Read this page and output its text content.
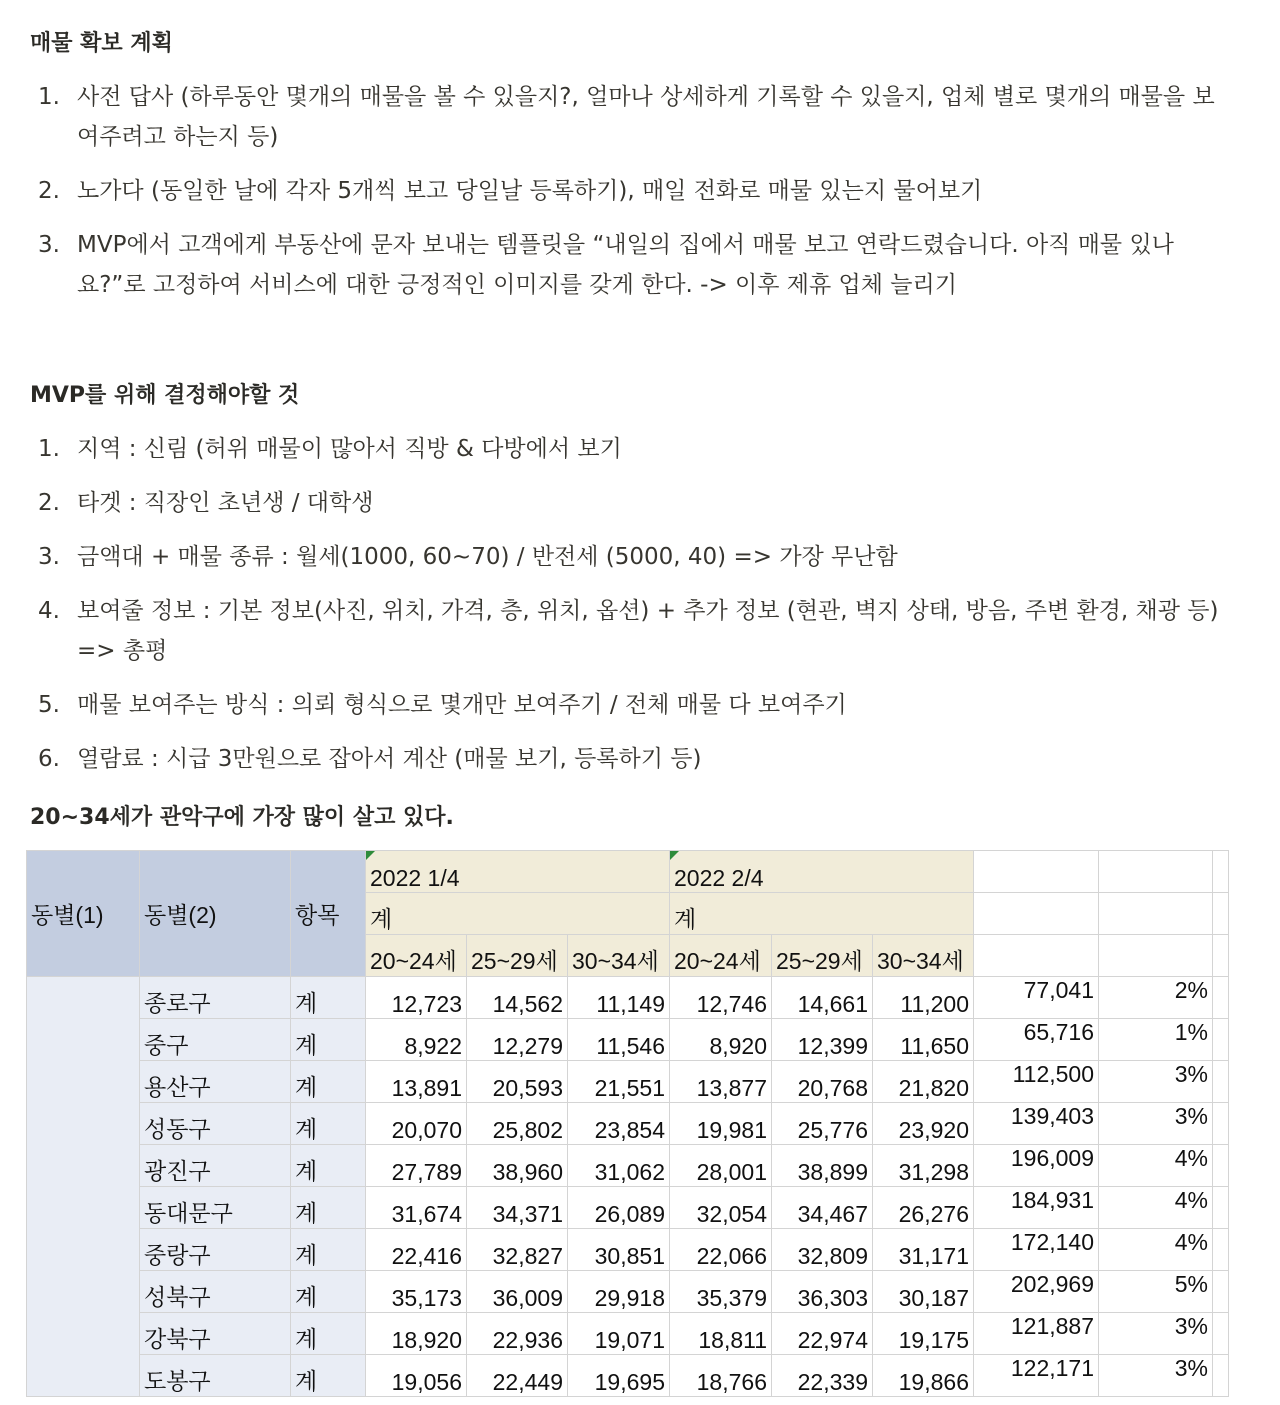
매물 확보 계획
1. 사전 답사 (하루동안 몇개의 매물을 볼 수 있을지?, 얼마나 상세하게 기록할 수 있을지, 업체 별로 몇개의 매물을 보여주려고 하는지 등)
2. 노가다 (동일한 날에 각자 5개씩 보고 당일날 등록하기), 매일 전화로 매물 있는지 물어보기
3. MVP에서 고객에게 부동산에 문자 보내는 템플릿을 “내일의 집에서 매물 보고 연락드렸습니다. 아직 매물 있나요?”로 고정하여 서비스에 대한 긍정적인 이미지를 갖게 한다. -> 이후 제휴 업체 늘리기
MVP를 위해 결정해야할 것
1. 지역 : 신림 (허위 매물이 많아서 직방 & 다방에서 보기
2. 타겟 : 직장인 초년생 / 대학생
3. 금액대 + 매물 종류 : 월세(1000, 60~70) / 반전세 (5000, 40) => 가장 무난함
4. 보여줄 정보 : 기본 정보(사진, 위치, 가격, 층, 위치, 옵션) + 추가 정보 (현관, 벽지 상태, 방음, 주변 환경, 채광 등) => 총평
5. 매물 보여주는 방식 : 의뢰 형식으로 몇개만 보여주기 / 전체 매물 다 보여주기
6. 열람료 : 시급 3만원으로 잡아서 계산 (매물 보기, 등록하기 등)
20~34세가 관악구에 가장 많이 살고 있다.
동별(1)	동별(2)	항목	2022 1/4			2022 2/4					
			계			계					
			20~24세	25~29세	30~34세	20~24세	25~29세	30~34세			
	종로구	계	12,723	14,562	11,149	12,746	14,661	11,200	77,041	2%	
	중구	계	8,922	12,279	11,546	8,920	12,399	11,650	65,716	1%	
	용산구	계	13,891	20,593	21,551	13,877	20,768	21,820	112,500	3%	
	성동구	계	20,070	25,802	23,854	19,981	25,776	23,920	139,403	3%	
	광진구	계	27,789	38,960	31,062	28,001	38,899	31,298	196,009	4%	
	동대문구	계	31,674	34,371	26,089	32,054	34,467	26,276	184,931	4%	
	중랑구	계	22,416	32,827	30,851	22,066	32,809	31,171	172,140	4%	
	성북구	계	35,173	36,009	29,918	35,379	36,303	30,187	202,969	5%	
	강북구	계	18,920	22,936	19,071	18,811	22,974	19,175	121,887	3%	
	도봉구	계	19,056	22,449	19,695	18,766	22,339	19,866	122,171	3%	
